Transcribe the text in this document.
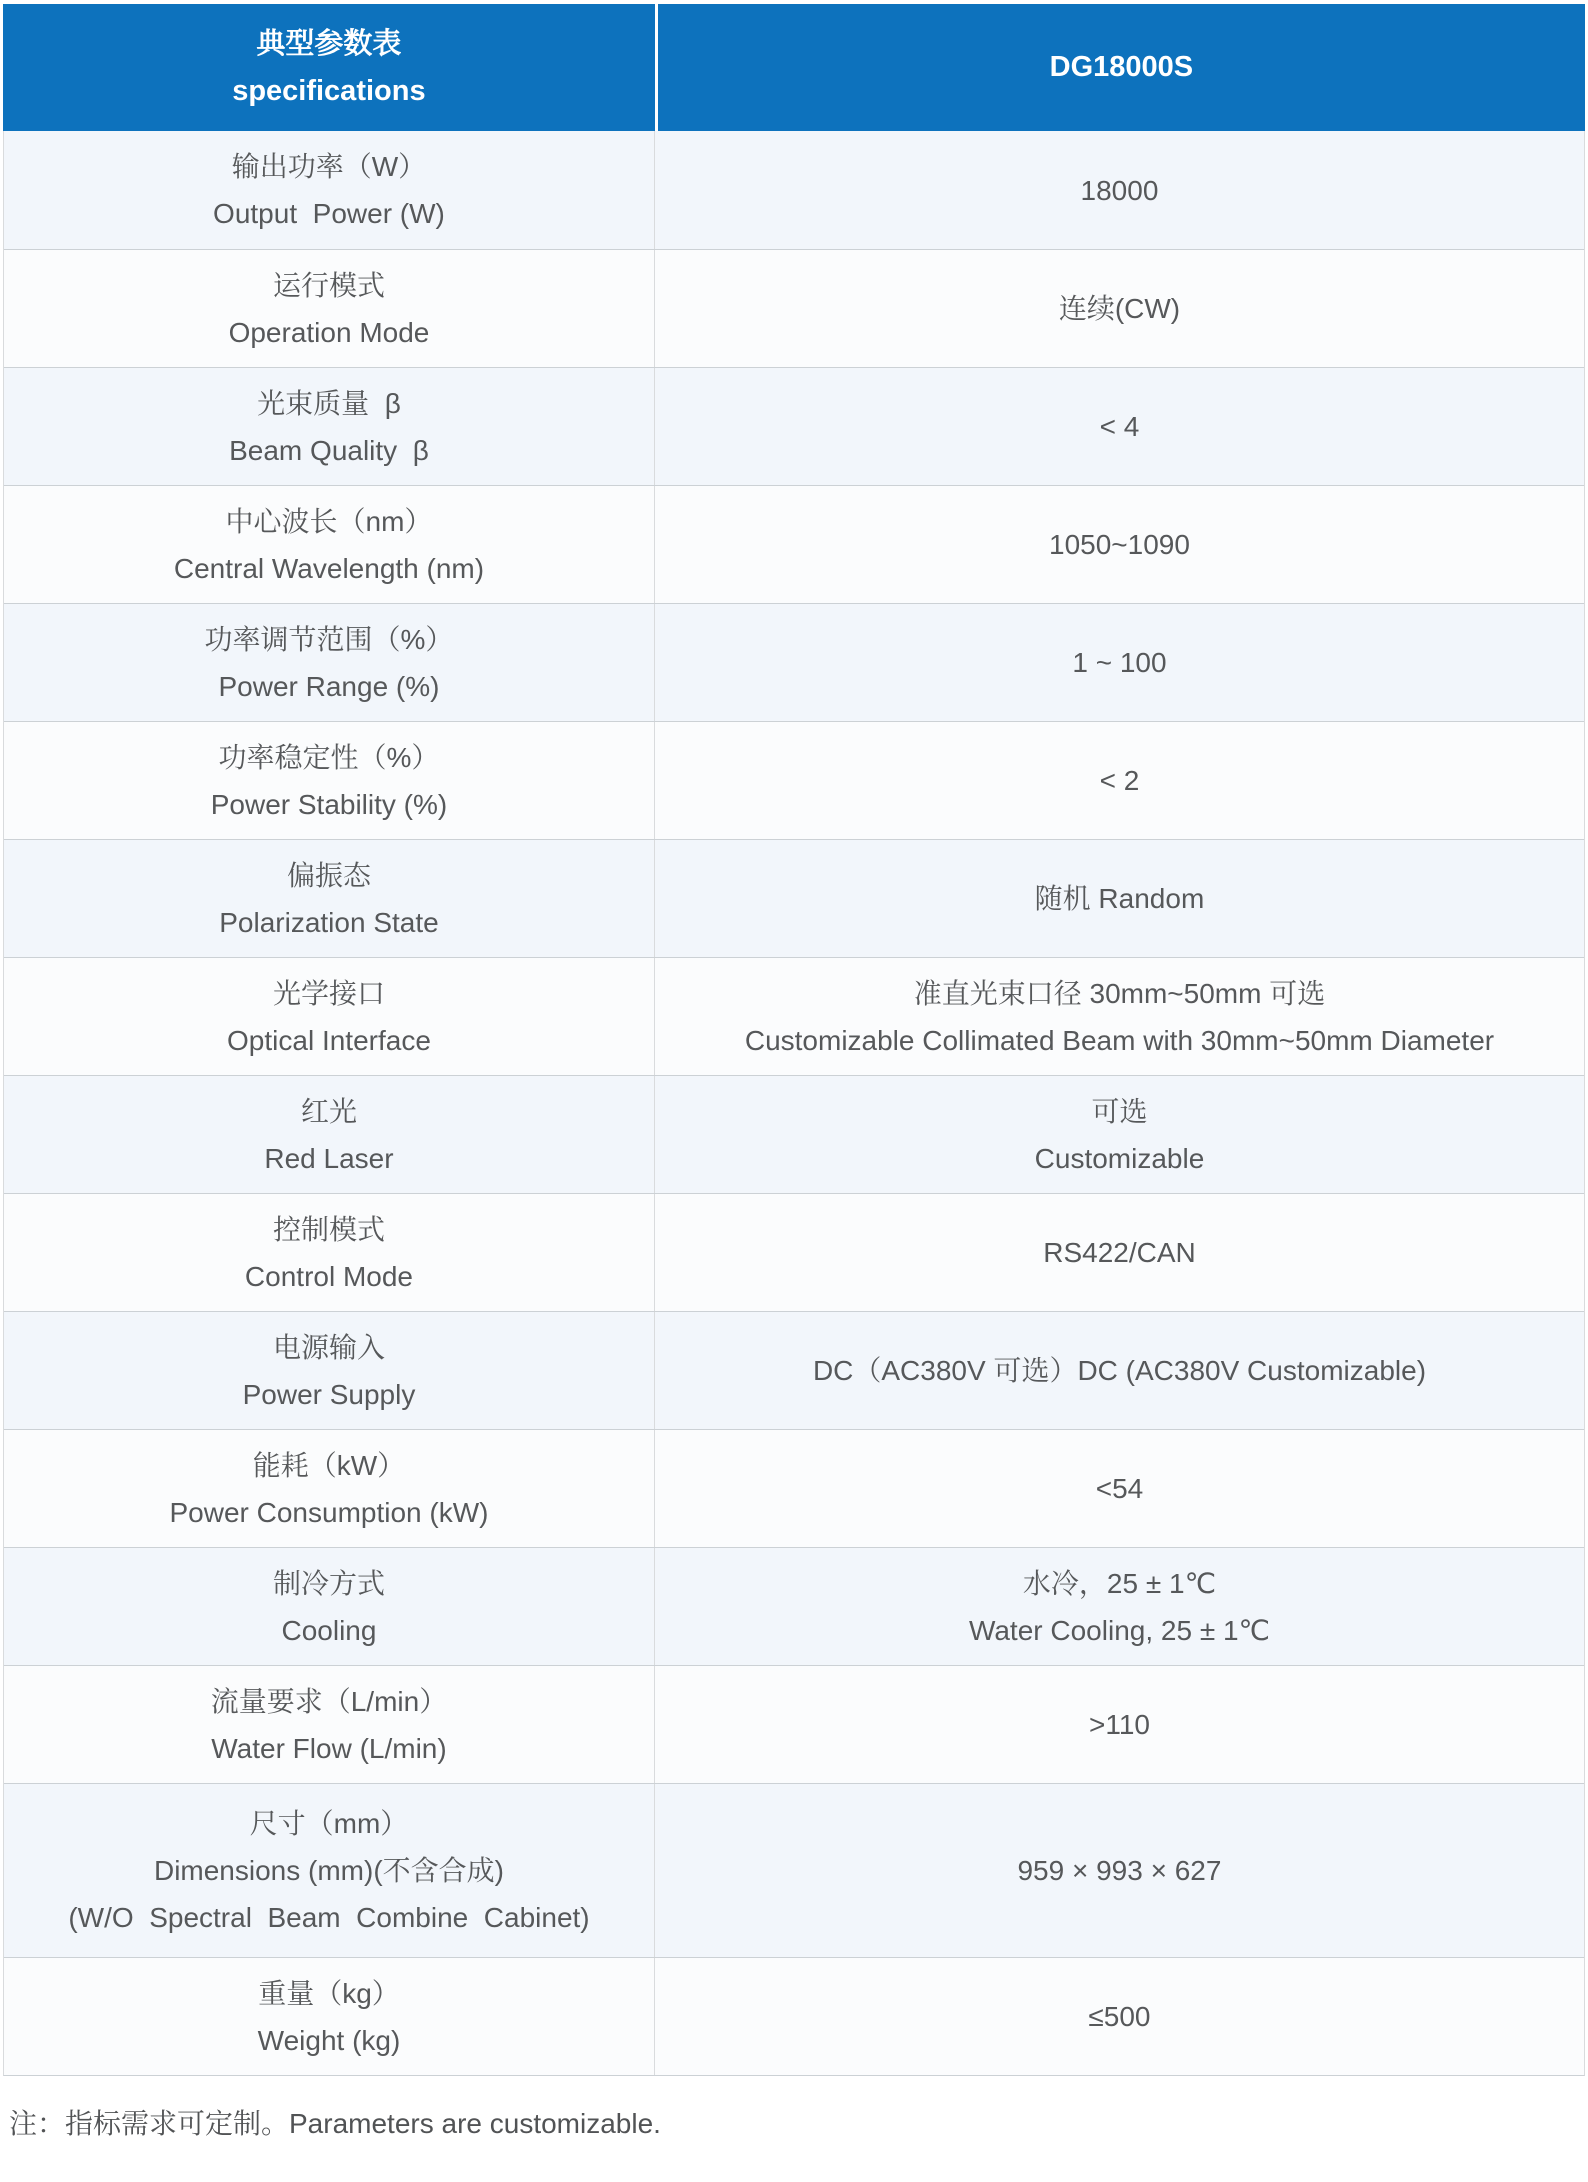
典型参数表
specifications
DG18000S
输出功率（W）
Output  Power (W)
18000
运行模式
Operation Mode
连续(CW)
光束质量  β
Beam Quality  β
< 4
中心波长（nm）
Central Wavelength (nm)
1050~1090
功率调节范围（%）
Power Range (%)
1 ~ 100
功率稳定性（%）
Power Stability (%)
< 2
偏振态
Polarization State
随机 Random
光学接口
Optical Interface
准直光束口径 30mm~50mm 可选
Customizable Collimated Beam with 30mm~50mm Diameter
红光
Red Laser
可选
Customizable
控制模式
Control Mode
RS422/CAN
电源输入
Power Supply
DC（AC380V 可选）DC (AC380V Customizable)
能耗（kW）
Power Consumption (kW)
<54
制冷方式
Cooling
水冷，25 ± 1℃
Water Cooling, 25 ± 1℃
流量要求（L/min）
Water Flow (L/min)
>110
尺寸（mm）
Dimensions (mm)(不含合成)
(W/O  Spectral  Beam  Combine  Cabinet)
959 × 993 × 627
重量（kg）
Weight (kg)
≤500
注：指标需求可定制。Parameters are customizable.
